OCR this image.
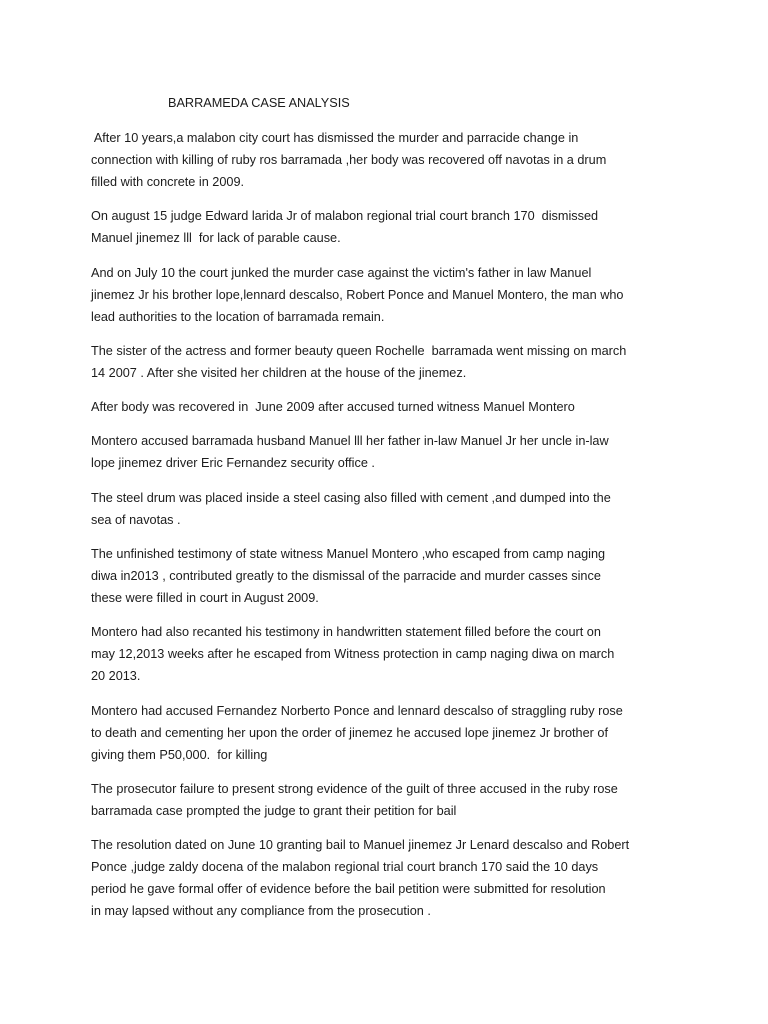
BARRAMEDA CASE ANALYSIS

After 10 years,a malabon city court has dismissed the murder and parracide change in
connection with killing of ruby ros barramada ,her body was recovered off navotas in a drum
filled with concrete in 2009.

On august 15 judge Edward larida Jr of malabon regional trial court branch 170  dismissed
Manuel jinemez lll  for lack of parable cause.

And on July 10 the court junked the murder case against the victim's father in law Manuel
jinemez Jr his brother lope,lennard descalso, Robert Ponce and Manuel Montero, the man who
lead authorities to the location of barramada remain.

The sister of the actress and former beauty queen Rochelle  barramada went missing on march
14 2007 . After she visited her children at the house of the jinemez.

After body was recovered in  June 2009 after accused turned witness Manuel Montero

Montero accused barramada husband Manuel lll her father in-law Manuel Jr her uncle in-law
lope jinemez driver Eric Fernandez security office .

The steel drum was placed inside a steel casing also filled with cement ,and dumped into the
sea of navotas .

The unfinished testimony of state witness Manuel Montero ,who escaped from camp naging
diwa in2013 , contributed greatly to the dismissal of the parracide and murder casses since
these were filled in court in August 2009.

Montero had also recanted his testimony in handwritten statement filled before the court on
may 12,2013 weeks after he escaped from Witness protection in camp naging diwa on march
20 2013.

Montero had accused Fernandez Norberto Ponce and lennard descalso of straggling ruby rose
to death and cementing her upon the order of jinemez he accused lope jinemez Jr brother of
giving them P50,000.  for killing

The prosecutor failure to present strong evidence of the guilt of three accused in the ruby rose
barramada case prompted the judge to grant their petition for bail

The resolution dated on June 10 granting bail to Manuel jinemez Jr Lenard descalso and Robert
Ponce ,judge zaldy docena of the malabon regional trial court branch 170 said the 10 days
period he gave formal offer of evidence before the bail petition were submitted for resolution
in may lapsed without any compliance from the prosecution .
